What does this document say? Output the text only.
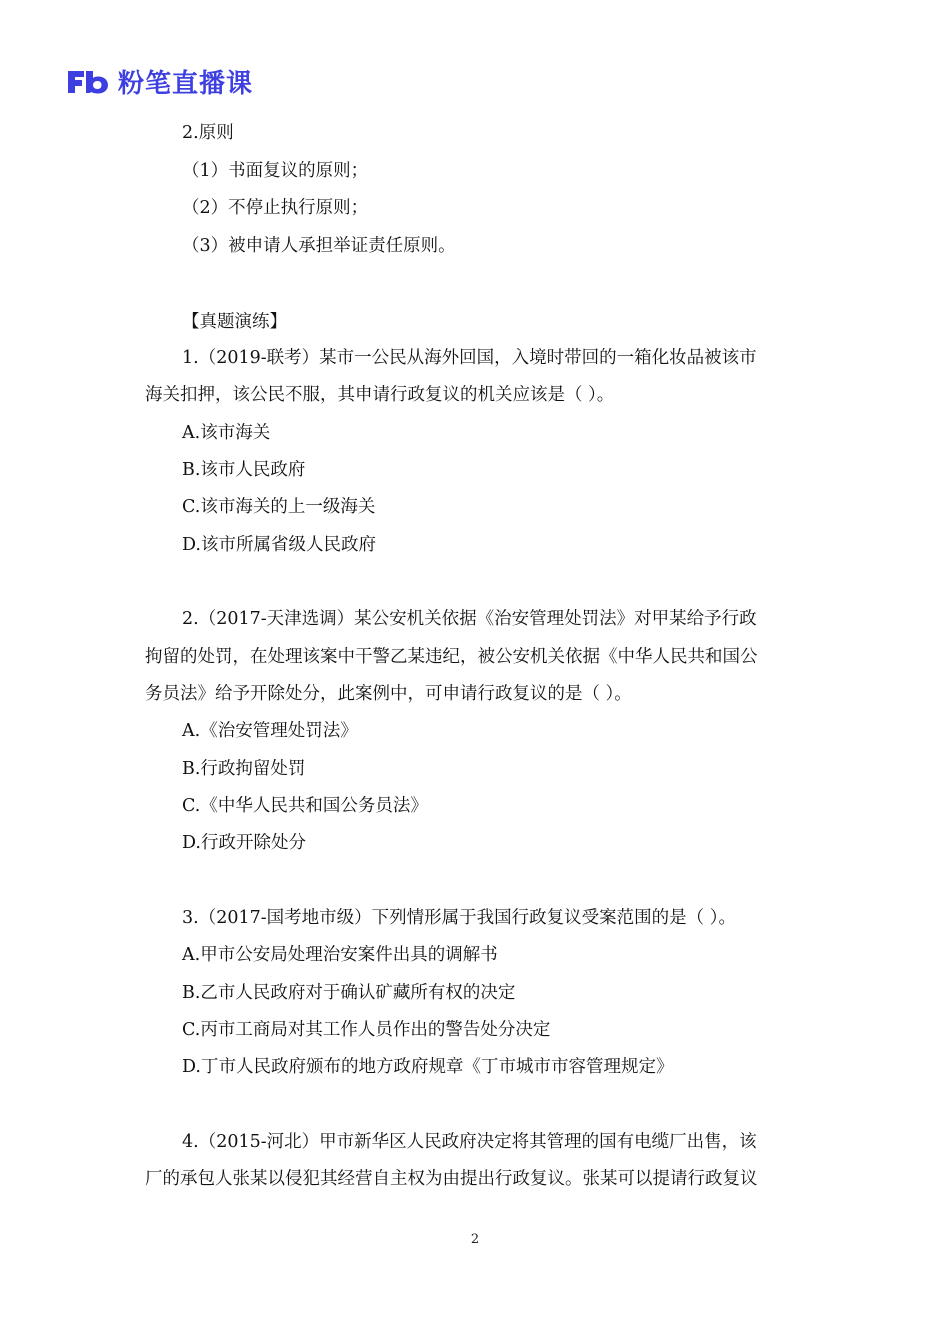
粉笔直播课
2.原则
（1）书面复议的原则；
（2）不停止执行原则；
（3）被申请人承担举证责任原则。
【真题演练】
1.（2019-联考）某市一公民从海外回国，入境时带回的一箱化妆品被该市
海关扣押，该公民不服，其申请行政复议的机关应该是（ ）。
A.该市海关
B.该市人民政府
C.该市海关的上一级海关
D.该市所属省级人民政府
2.（2017-天津选调）某公安机关依据《治安管理处罚法》对甲某给予行政
拘留的处罚，在处理该案中干警乙某违纪，被公安机关依据《中华人民共和国公
务员法》给予开除处分，此案例中，可申请行政复议的是（ ）。
A.《治安管理处罚法》
B.行政拘留处罚
C.《中华人民共和国公务员法》
D.行政开除处分
3.（2017-国考地市级）下列情形属于我国行政复议受案范围的是（ ）。
A.甲市公安局处理治安案件出具的调解书
B.乙市人民政府对于确认矿藏所有权的决定
C.丙市工商局对其工作人员作出的警告处分决定
D.丁市人民政府颁布的地方政府规章《丁市城市市容管理规定》
4.（2015-河北）甲市新华区人民政府决定将其管理的国有电缆厂出售，该
厂的承包人张某以侵犯其经营自主权为由提出行政复议。张某可以提请行政复议
2
